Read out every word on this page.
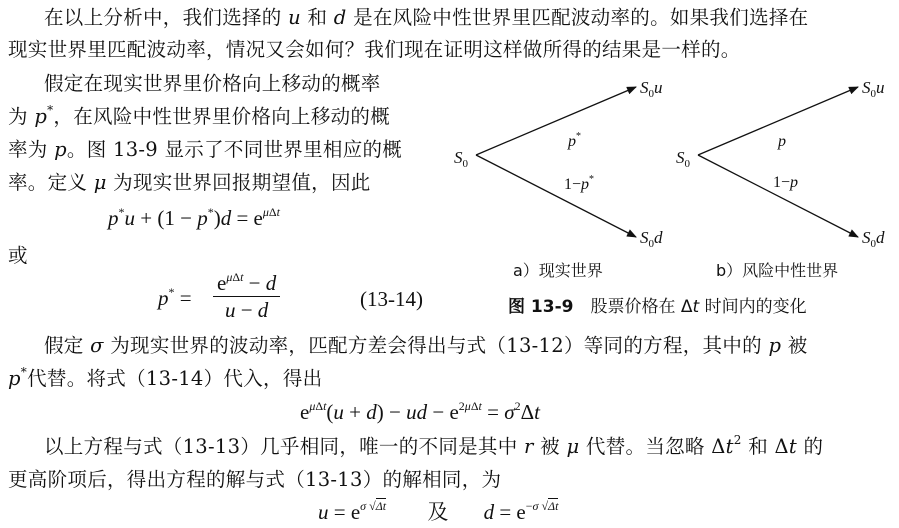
在以上分析中，我们选择的 u 和 d 是在风险中性世界里匹配波动率的。如果我们选择在
现实世界里匹配波动率，情况又会如何？我们现在证明这样做所得的结果是一样的。
假定在现实世界里价格向上移动的概率
为 p*，在风险中性世界里价格向上移动的概
率为 p。图 13-9 显示了不同世界里相应的概
率。定义 μ 为现实世界回报期望值，因此
$p^*u + (1 - p^*)d = e^{\mu\Delta t}$
或
p* =
$e^{\mu\Delta t} - d$
u − d	(13-14)
$S_0$
$S_0u$
$S_0d$
p*
1−p*
$S_0$
$S_0u$
$S_0d$
p
1−p
a）现实世界	b）风险中性世界
图 13-9　股票价格在 Δt 时间内的变化
假定 σ 为现实世界的波动率，匹配方差会得出与式（13-12）等同的方程，其中的 p 被
p*代替。将式（13-14）代入，得出
$e^{\mu\Delta t}(u + d)$ − ud − $e^{2\mu\Delta t} = \sigma^2\Delta t$
以上方程与式（13-13）几乎相同，唯一的不同是其中 r 被 μ 代替。当忽略 $\Delta t^2$ 和 Δt 的
更高阶项后，得出方程的解与式（13-13）的解相同，为
$u = e^{\sigma √\Delta t}$ 及 $d = e^{-\sigma √\Delta t}$
